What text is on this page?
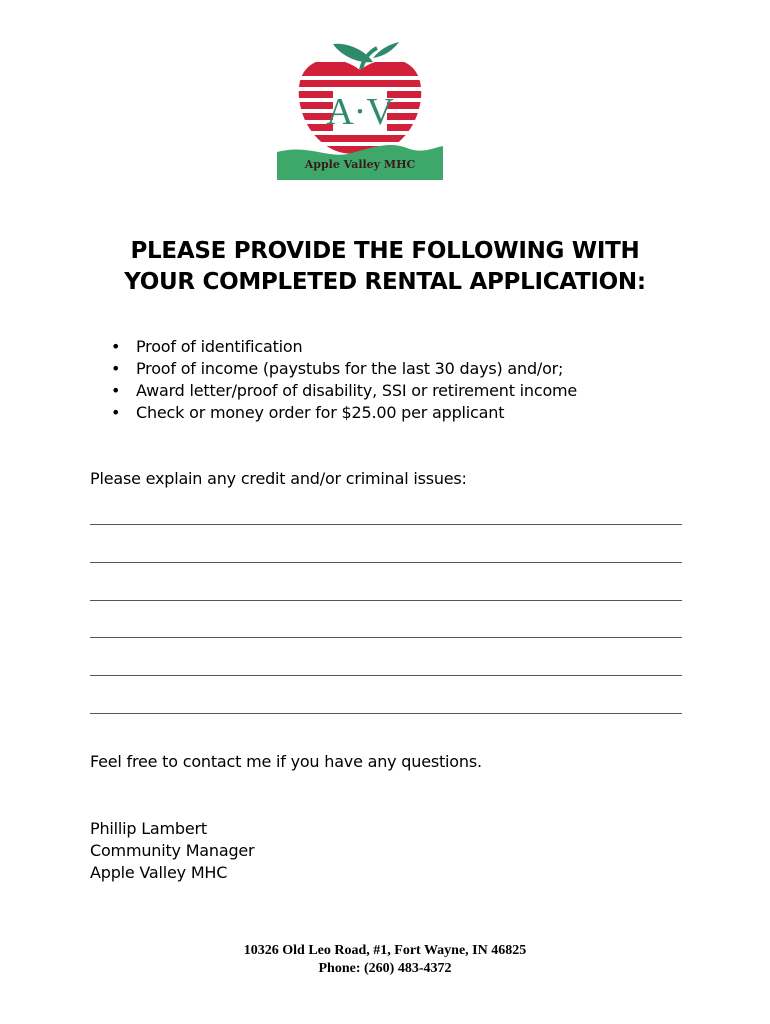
A·V
Apple Valley MHC
PLEASE PROVIDE THE FOLLOWING WITH
YOUR COMPLETED RENTAL APPLICATION:
• Proof of identification
• Proof of income (paystubs for the last 30 days) and/or;
• Award letter/proof of disability, SSI or retirement income
• Check or money order for $25.00 per applicant
Please explain any credit and/or criminal issues:
Feel free to contact me if you have any questions.
Phillip Lambert
Community Manager
Apple Valley MHC
10326 Old Leo Road, #1, Fort Wayne, IN 46825
Phone: (260) 483-4372
